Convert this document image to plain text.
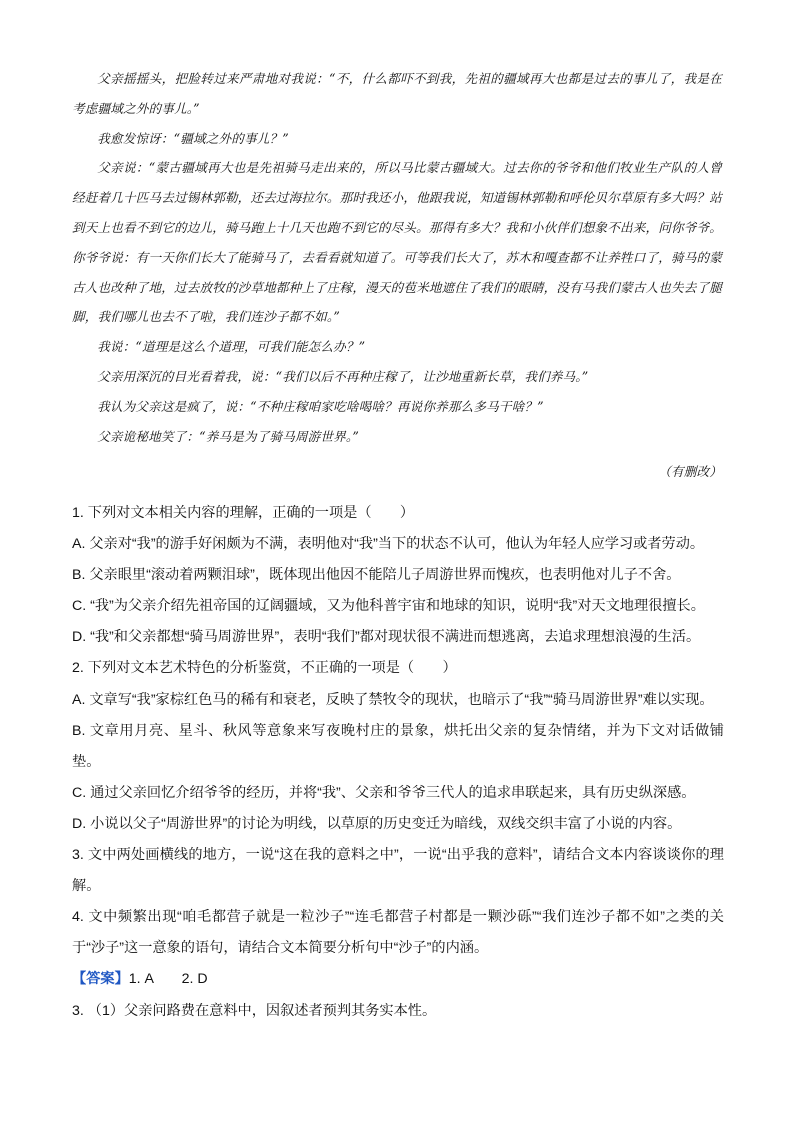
父亲摇摇头，把脸转过来严肃地对我说：“不，什么都吓不到我，先祖的疆域再大也都是过去的事儿了，我是在考虑疆域之外的事儿。”

我愈发惊讶：“疆域之外的事儿？”

父亲说：“蒙古疆域再大也是先祖骑马走出来的，所以马比蒙古疆域大。过去你的爷爷和他们牧业生产队的人曾经赶着几十匹马去过锡林郭勒，还去过海拉尔。那时我还小，他跟我说，知道锡林郭勒和呼伦贝尔草原有多大吗？站到天上也看不到它的边儿，骑马跑上十几天也跑不到它的尽头。那得有多大？我和小伙伴们想象不出来，问你爷爷。你爷爷说：有一天你们长大了能骑马了，去看看就知道了。可等我们长大了，苏木和嘎查都不让养牲口了，骑马的蒙古人也改种了地，过去放牧的沙草地都种上了庄稼，漫天的苞米地遮住了我们的眼睛，没有马我们蒙古人也失去了腿脚，我们哪儿也去不了啦，我们连沙子都不如。”

我说：“道理是这么个道理，可我们能怎么办？”

父亲用深沉的目光看着我，说：“我们以后不再种庄稼了，让沙地重新长草，我们养马。”

我认为父亲这是疯了，说：“不种庄稼咱家吃啥喝啥？再说你养那么多马干啥？”

父亲诡秘地笑了：“养马是为了骑马周游世界。”

（有删改）

1. 下列对文本相关内容的理解，正确的一项是（　　）

A. 父亲对“我”的游手好闲颇为不满，表明他对“我”当下的状态不认可，他认为年轻人应学习或者劳动。

B. 父亲眼里“滚动着两颗泪球”，既体现出他因不能陪儿子周游世界而愧疚，也表明他对儿子不舍。

C. “我”为父亲介绍先祖帝国的辽阔疆域，又为他科普宇宙和地球的知识，说明“我”对天文地理很擅长。

D. “我”和父亲都想“骑马周游世界”，表明“我们”都对现状很不满进而想逃离，去追求理想浪漫的生活。

2. 下列对文本艺术特色的分析鉴赏，不正确的一项是（　　）

A. 文章写“我”家棕红色马的稀有和衰老，反映了禁牧令的现状，也暗示了“我”“骑马周游世界”难以实现。

B. 文章用月亮、星斗、秋风等意象来写夜晚村庄的景象，烘托出父亲的复杂情绪，并为下文对话做铺垫。

C. 通过父亲回忆介绍爷爷的经历，并将“我”、父亲和爷爷三代人的追求串联起来，具有历史纵深感。

D. 小说以父子“周游世界”的讨论为明线，以草原的历史变迁为暗线，双线交织丰富了小说的内容。

3. 文中两处画横线的地方，一说“这在我的意料之中”，一说“出乎我的意料”，请结合文本内容谈谈你的理解。

4. 文中频繁出现“咱毛都营子就是一粒沙子”“连毛都营子村都是一颗沙砾”“我们连沙子都不如”之类的关于“沙子”这一意象的语句，请结合文本简要分析句中“沙子”的内涵。

【答案】1. A　　2. D

3. （1）父亲问路费在意料中，因叙述者预判其务实本性。
